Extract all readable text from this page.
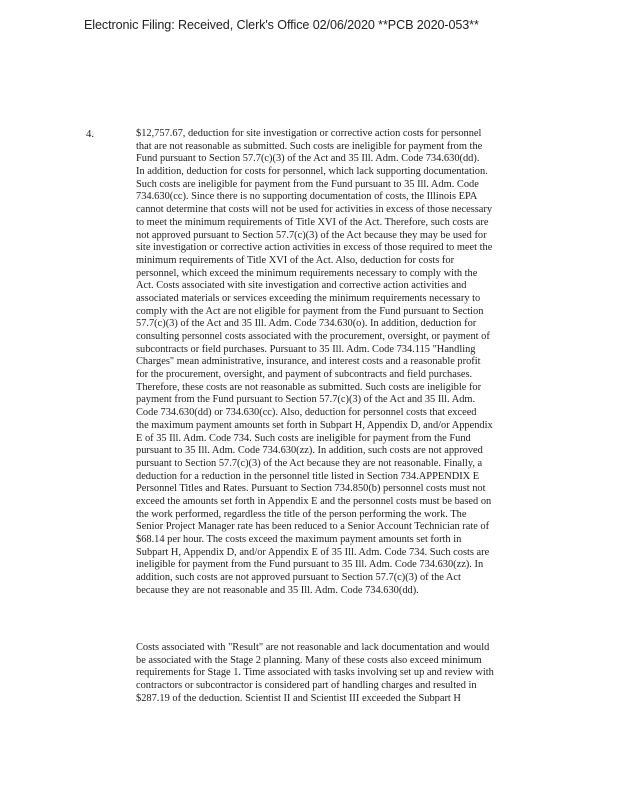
Electronic Filing: Received, Clerk's Office 02/06/2020 **PCB 2020-053**
4.	$12,757.67, deduction for site investigation or corrective action costs for personnel
that are not reasonable as submitted. Such costs are ineligible for payment from the
Fund pursuant to Section 57.7(c)(3) of the Act and 35 Ill. Adm. Code 734.630(dd).
In addition, deduction for costs for personnel, which lack supporting documentation.
Such costs are ineligible for payment from the Fund pursuant to 35 Ill. Adm. Code
734.630(cc). Since there is no supporting documentation of costs, the Illinois EPA
cannot determine that costs will not be used for activities in excess of those necessary
to meet the minimum requirements of Title XVI of the Act. Therefore, such costs are
not approved pursuant to Section 57.7(c)(3) of the Act because they may be used for
site investigation or corrective action activities in excess of those required to meet the
minimum requirements of Title XVI of the Act. Also, deduction for costs for
personnel, which exceed the minimum requirements necessary to comply with the
Act. Costs associated with site investigation and corrective action activities and
associated materials or services exceeding the minimum requirements necessary to
comply with the Act are not eligible for payment from the Fund pursuant to Section
57.7(c)(3) of the Act and 35 Ill. Adm. Code 734.630(o). In addition, deduction for
consulting personnel costs associated with the procurement, oversight, or payment of
subcontracts or field purchases. Pursuant to 35 Ill. Adm. Code 734.115 "Handling
Charges" mean administrative, insurance, and interest costs and a reasonable profit
for the procurement, oversight, and payment of subcontracts and field purchases.
Therefore, these costs are not reasonable as submitted. Such costs are ineligible for
payment from the Fund pursuant to Section 57.7(c)(3) of the Act and 35 Ill. Adm.
Code 734.630(dd) or 734.630(cc). Also, deduction for personnel costs that exceed
the maximum payment amounts set forth in Subpart H, Appendix D, and/or Appendix
E of 35 Ill. Adm. Code 734. Such costs are ineligible for payment from the Fund
pursuant to 35 Ill. Adm. Code 734.630(zz). In addition, such costs are not approved
pursuant to Section 57.7(c)(3) of the Act because they are not reasonable. Finally, a
deduction for a reduction in the personnel title listed in Section 734.APPENDIX E
Personnel Titles and Rates. Pursuant to Section 734.850(b) personnel costs must not
exceed the amounts set forth in Appendix E and the personnel costs must be based on
the work performed, regardless the title of the person performing the work. The
Senior Project Manager rate has been reduced to a Senior Account Technician rate of
$68.14 per hour. The costs exceed the maximum payment amounts set forth in
Subpart H, Appendix D, and/or Appendix E of 35 Ill. Adm. Code 734. Such costs are
ineligible for payment from the Fund pursuant to 35 Ill. Adm. Code 734.630(zz). In
addition, such costs are not approved pursuant to Section 57.7(c)(3) of the Act
because they are not reasonable and 35 Ill. Adm. Code 734.630(dd).
Costs associated with "Result" are not reasonable and lack documentation and would
be associated with the Stage 2 planning. Many of these costs also exceed minimum
requirements for Stage 1. Time associated with tasks involving set up and review with
contractors or subcontractor is considered part of handling charges and resulted in
$287.19 of the deduction. Scientist II and Scientist III exceeded the Subpart H
